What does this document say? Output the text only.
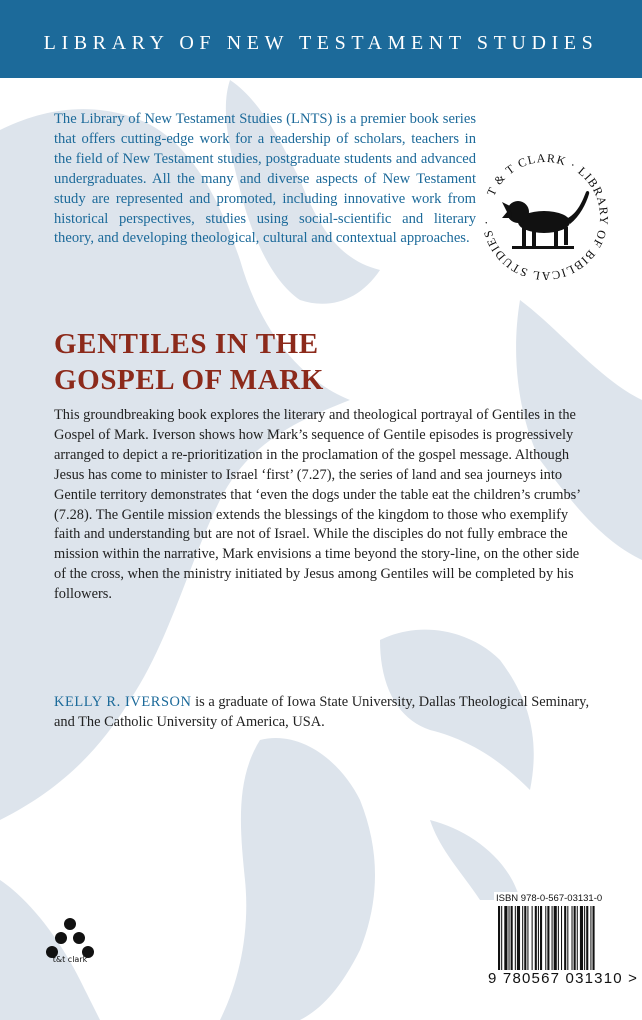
LIBRARY OF NEW TESTAMENT STUDIES

The Library of New Testament Studies (LNTS) is a premier book series that offers cutting-edge work for a readership of scholars, teachers in the field of New Testament studies, postgraduate students and advanced undergraduates. All the many and diverse aspects of New Testament study are represented and promoted, including innovative work from historical perspectives, studies using social-scientific and literary theory, and developing theological, cultural and contextual approaches.

T & T CLARK · LIBRARY OF BIBLICAL STUDIES ·
GENTILES IN THE
GOSPEL OF MARK

This groundbreaking book explores the literary and theological portrayal of Gentiles in the Gospel of Mark. Iverson shows how Mark’s sequence of Gentile episodes is progressively arranged to depict a re-prioritization in the proclamation of the gospel message. Although Jesus has come to minister to Israel ‘first’ (7.27), the series of land and sea journeys into Gentile territory demonstrates that ‘even the dogs under the table eat the children’s crumbs’ (7.28). The Gentile mission extends the blessings of the kingdom to those who exemplify faith and understanding but are not of Israel. While the disciples do not fully embrace the mission within the narrative, Mark envisions a time beyond the story-line, on the other side of the cross, when the ministry initiated by Jesus among Gentiles will be completed by his followers.

KELLY R. IVERSON is a graduate of Iowa State University, Dallas Theological Seminary, and The Catholic University of America, USA.

t&t clark
ISBN 978-0-567-03131-0
9 780567 031310 >
